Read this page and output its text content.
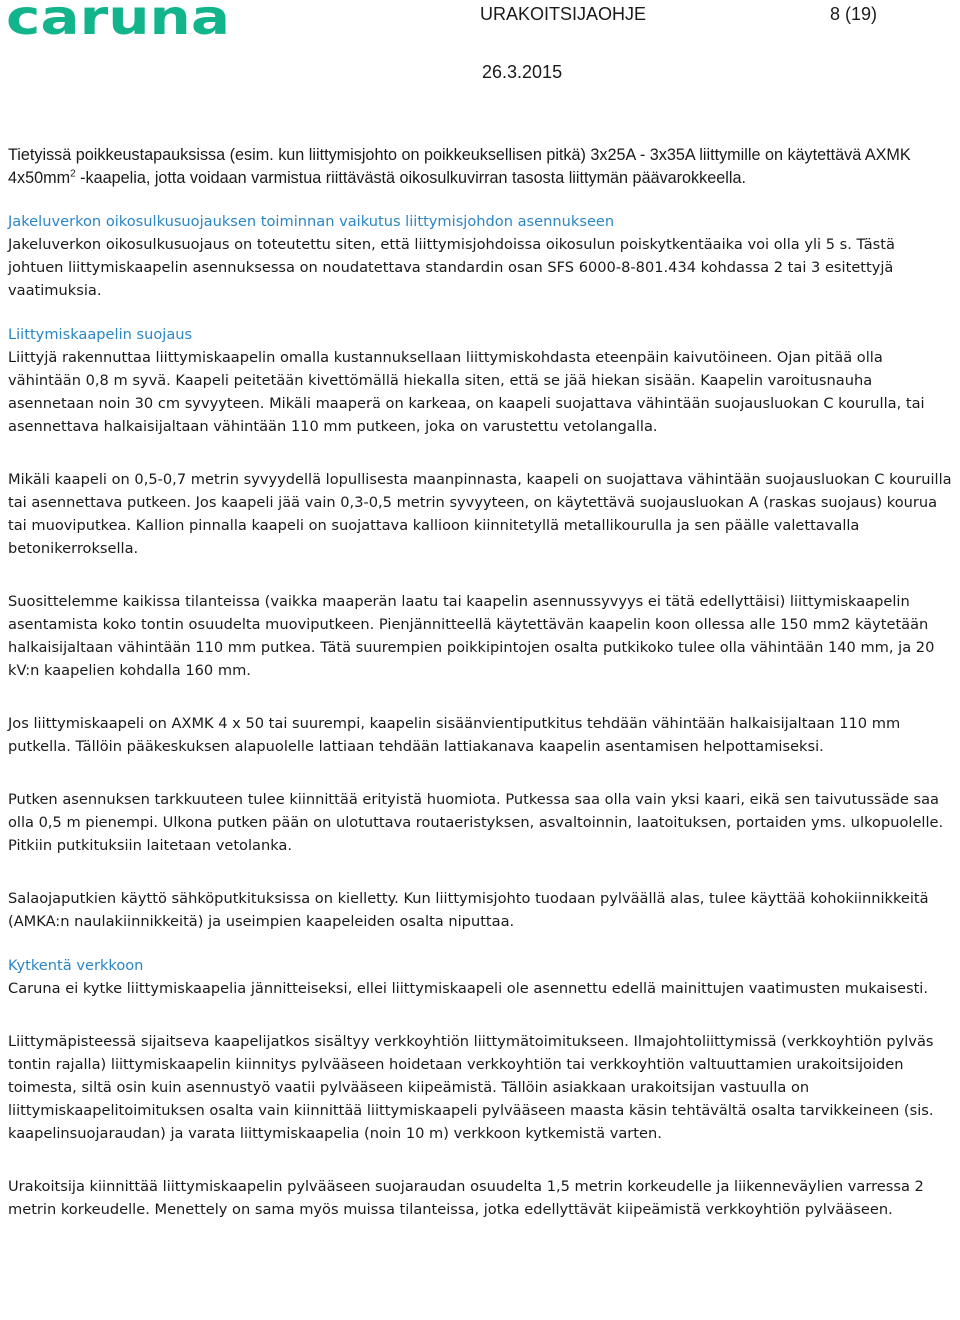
caruna	URAKOITSIJAOHJE	8 (19)
26.3.2015

Tietyissä poikkeustapauksissa (esim. kun liittymisjohto on poikkeuksellisen pitkä) 3x25A - 3x35A liittymille on käytettävä AXMK $4x50mm^2$ -kaapelia, jotta voidaan varmistua riittävästä oikosulkuvirran tasosta liittymän päävarokkeella.

Jakeluverkon oikosulkusuojauksen toiminnan vaikutus liittymisjohdon asennukseen

Jakeluverkon oikosulkusuojaus on toteutettu siten, että liittymisjohdoissa oikosulun poiskytkentäaika voi olla yli 5 s. Tästä johtuen liittymiskaapelin asennuksessa on noudatettava standardin osan SFS 6000-8-801.434 kohdassa 2 tai 3 esitettyjä vaatimuksia.

Liittymiskaapelin suojaus

Liittyjä rakennuttaa liittymiskaapelin omalla kustannuksellaan liittymiskohdasta eteenpäin kaivutöineen. Ojan pitää olla vähintään 0,8 m syvä. Kaapeli peitetään kivettömällä hiekalla siten, että se jää hiekan sisään. Kaapelin varoitusnauha asennetaan noin 30 cm syvyyteen. Mikäli maaperä on karkeaa, on kaapeli suojattava vähintään suojausluokan C kourulla, tai asennettava halkaisijaltaan vähintään 110 mm putkeen, joka on varustettu vetolangalla.

Mikäli kaapeli on 0,5-0,7 metrin syvyydellä lopullisesta maanpinnasta, kaapeli on suojattava vähintään suojausluokan C kouruilla tai asennettava putkeen. Jos kaapeli jää vain 0,3-0,5 metrin syvyyteen, on käytettävä suojausluokan A (raskas suojaus) kourua tai muoviputkea. Kallion pinnalla kaapeli on suojattava kallioon kiinnitetyllä metallikourulla ja sen päälle valettavalla betonikerroksella.

Suosittelemme kaikissa tilanteissa (vaikka maaperän laatu tai kaapelin asennussyvyys ei tätä edellyttäisi) liittymiskaapelin asentamista koko tontin osuudelta muoviputkeen. Pienjännitteellä käytettävän kaapelin koon ollessa alle 150 mm2 käytetään halkaisijaltaan vähintään 110 mm putkea. Tätä suurempien poikkipintojen osalta putkikoko tulee olla vähintään 140 mm, ja 20 kV:n kaapelien kohdalla 160 mm.

Jos liittymiskaapeli on AXMK 4 x 50 tai suurempi, kaapelin sisäänvientiputkitus tehdään vähintään halkaisijaltaan 110 mm putkella. Tällöin pääkeskuksen alapuolelle lattiaan tehdään lattiakanava kaapelin asentamisen helpottamiseksi.

Putken asennuksen tarkkuuteen tulee kiinnittää erityistä huomiota. Putkessa saa olla vain yksi kaari, eikä sen taivutussäde saa olla 0,5 m pienempi. Ulkona putken pään on ulotuttava routaeristyksen, asvaltoinnin, laatoituksen, portaiden yms. ulkopuolelle. Pitkiin putkituksiin laitetaan vetolanka.

Salaojaputkien käyttö sähköputkituksissa on kielletty. Kun liittymisjohto tuodaan pylväällä alas, tulee käyttää kohokiinnikkeitä (AMKA:n naulakiinnikkeitä) ja useimpien kaapeleiden osalta niputtaa.

Kytkentä verkkoon

Caruna ei kytke liittymiskaapelia jännitteiseksi, ellei liittymiskaapeli ole asennettu edellä mainittujen vaatimusten mukaisesti.

Liittymäpisteessä sijaitseva kaapelijatkos sisältyy verkkoyhtiön liittymätoimitukseen. Ilmajohtoliittymissä (verkkoyhtiön pylväs tontin rajalla) liittymiskaapelin kiinnitys pylvääseen hoidetaan verkkoyhtiön tai verkkoyhtiön valtuuttamien urakoitsijoiden toimesta, siltä osin kuin asennustyö vaatii pylvääseen kiipeämistä. Tällöin asiakkaan urakoitsijan vastuulla on liittymiskaapelitoimituksen osalta vain kiinnittää liittymiskaapeli pylvääseen maasta käsin tehtävältä osalta tarvikkeineen (sis. kaapelinsuojaraudan) ja varata liittymiskaapelia (noin 10 m) verkkoon kytkemistä varten.

Urakoitsija kiinnittää liittymiskaapelin pylvääseen suojaraudan osuudelta 1,5 metrin korkeudelle ja liikenneväylien varressa 2 metrin korkeudelle. Menettely on sama myös muissa tilanteissa, jotka edellyttävät kiipeämistä verkkoyhtiön pylvääseen.
